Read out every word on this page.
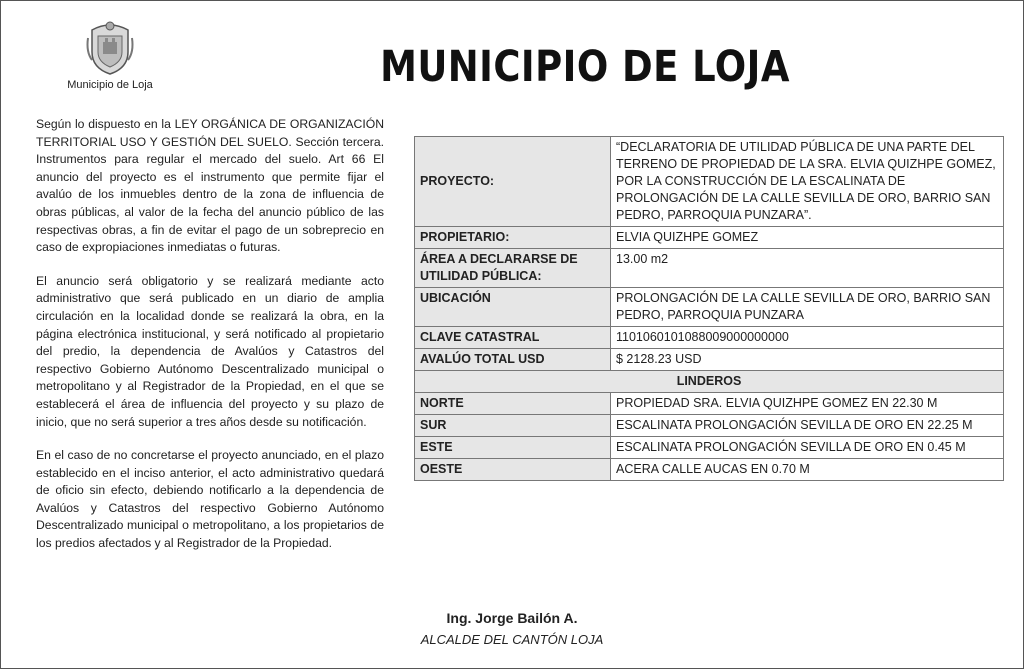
Municipio de Loja	MUNICIPIO DE LOJA

Según lo dispuesto en la LEY ORGÁNICA DE ORGANIZACIÓN TERRITORIAL USO Y GESTIÓN DEL SUELO. Sección tercera. Instrumentos para regular el mercado del suelo. Art 66 El anuncio del proyecto es el instrumento que permite fijar el avalúo de los inmuebles dentro de la zona de influencia de obras públicas, al valor de la fecha del anuncio público de las respectivas obras, a fin de evitar el pago de un sobreprecio en caso de expropiaciones inmediatas o futuras.

El anuncio será obligatorio y se realizará mediante acto administrativo que será publicado en un diario de amplia circulación en la localidad donde se realizará la obra, en la página electrónica institucional, y será notificado al propietario del predio, la dependencia de Avalúos y Catastros del respectivo Gobierno Autónomo Descentralizado municipal o metropolitano y al Registrador de la Propiedad, en el que se establecerá el área de influencia del proyecto y su plazo de inicio, que no será superior a tres años desde su notificación.

En el caso de no concretarse el proyecto anunciado, en el plazo establecido en el inciso anterior, el acto administrativo quedará de oficio sin efecto, debiendo notificarlo a la dependencia de Avalúos y Catastros del respectivo Gobierno Autónomo Descentralizado municipal o metropolitano, a los propietarios de los predios afectados y al Registrador de la Propiedad.

PROYECTO:	“DECLARATORIA DE UTILIDAD PÚBLICA DE UNA PARTE DEL TERRENO DE PROPIEDAD DE LA SRA. ELVIA QUIZHPE GOMEZ, POR LA CONSTRUCCIÓN DE LA ESCALINATA DE PROLONGACIÓN DE LA CALLE SEVILLA DE ORO, BARRIO SAN PEDRO, PARROQUIA PUNZARA”.
PROPIETARIO:	ELVIA QUIZHPE GOMEZ
ÁREA A DECLARARSE DE UTILIDAD PÚBLICA:	13.00 m2
UBICACIÓN	PROLONGACIÓN DE LA CALLE SEVILLA DE ORO, BARRIO SAN PEDRO, PARROQUIA PUNZARA
CLAVE CATASTRAL	1101060101088009000000000
AVALÚO TOTAL USD	$ 2128.23 USD
LINDEROS	
NORTE	PROPIEDAD SRA. ELVIA QUIZHPE GOMEZ EN 22.30 M
SUR	ESCALINATA PROLONGACIÓN SEVILLA DE ORO EN 22.25 M
ESTE	ESCALINATA PROLONGACIÓN SEVILLA DE ORO EN 0.45 M
OESTE	ACERA CALLE AUCAS EN 0.70 M
Ing. Jorge Bailón A.
ALCALDE DEL CANTÓN LOJA
